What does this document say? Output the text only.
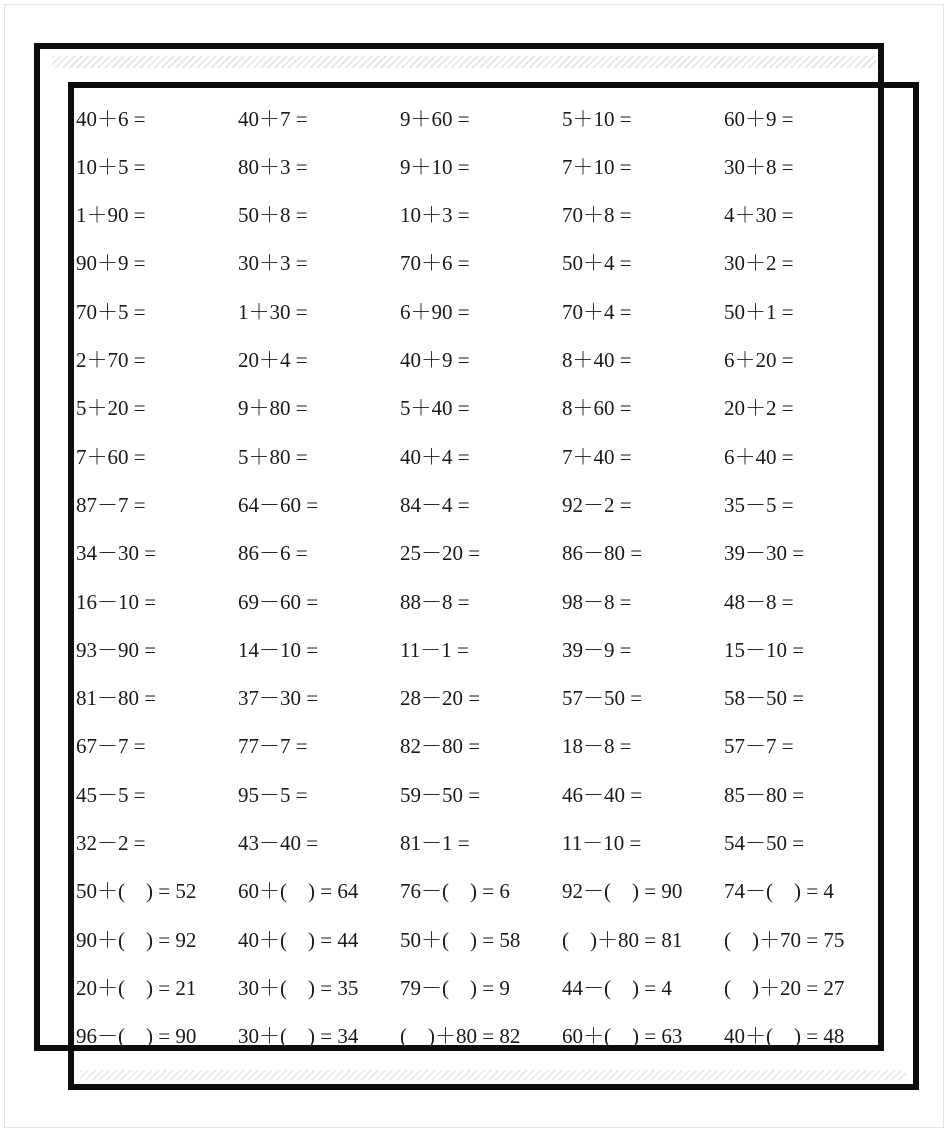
40＋6 =	40＋7 =	9＋60 =	5＋10 =	60＋9 =
10＋5 =	80＋3 =	9＋10 =	7＋10 =	30＋8 =
1＋90 =	50＋8 =	10＋3 =	70＋8 =	4＋30 =
90＋9 =	30＋3 =	70＋6 =	50＋4 =	30＋2 =
70＋5 =	1＋30 =	6＋90 =	70＋4 =	50＋1 =
2＋70 =	20＋4 =	40＋9 =	8＋40 =	6＋20 =
5＋20 =	9＋80 =	5＋40 =	8＋60 =	20＋2 =
7＋60 =	5＋80 =	40＋4 =	7＋40 =	6＋40 =
87－7 =	64－60 =	84－4 =	92－2 =	35－5 =
34－30 =	86－6 =	25－20 =	86－80 =	39－30 =
16－10 =	69－60 =	88－8 =	98－8 =	48－8 =
93－90 =	14－10 =	11－1 =	39－9 =	15－10 =
81－80 =	37－30 =	28－20 =	57－50 =	58－50 =
67－7 =	77－7 =	82－80 =	18－8 =	57－7 =
45－5 =	95－5 =	59－50 =	46－40 =	85－80 =
32－2 =	43－40 =	81－1 =	11－10 =	54－50 =
50＋(    ) = 52	60＋(    ) = 64	76－(    ) = 6	92－(    ) = 90	74－(    ) = 4
90＋(    ) = 92	40＋(    ) = 44	50＋(    ) = 58	(    )＋80 = 81	(    )＋70 = 75
20＋(    ) = 21	30＋(    ) = 35	79－(    ) = 9	44－(    ) = 4	(    )＋20 = 27
96－(    ) = 90	30＋(    ) = 34	(    )＋80 = 82	60＋(    ) = 63	40＋(    ) = 48
